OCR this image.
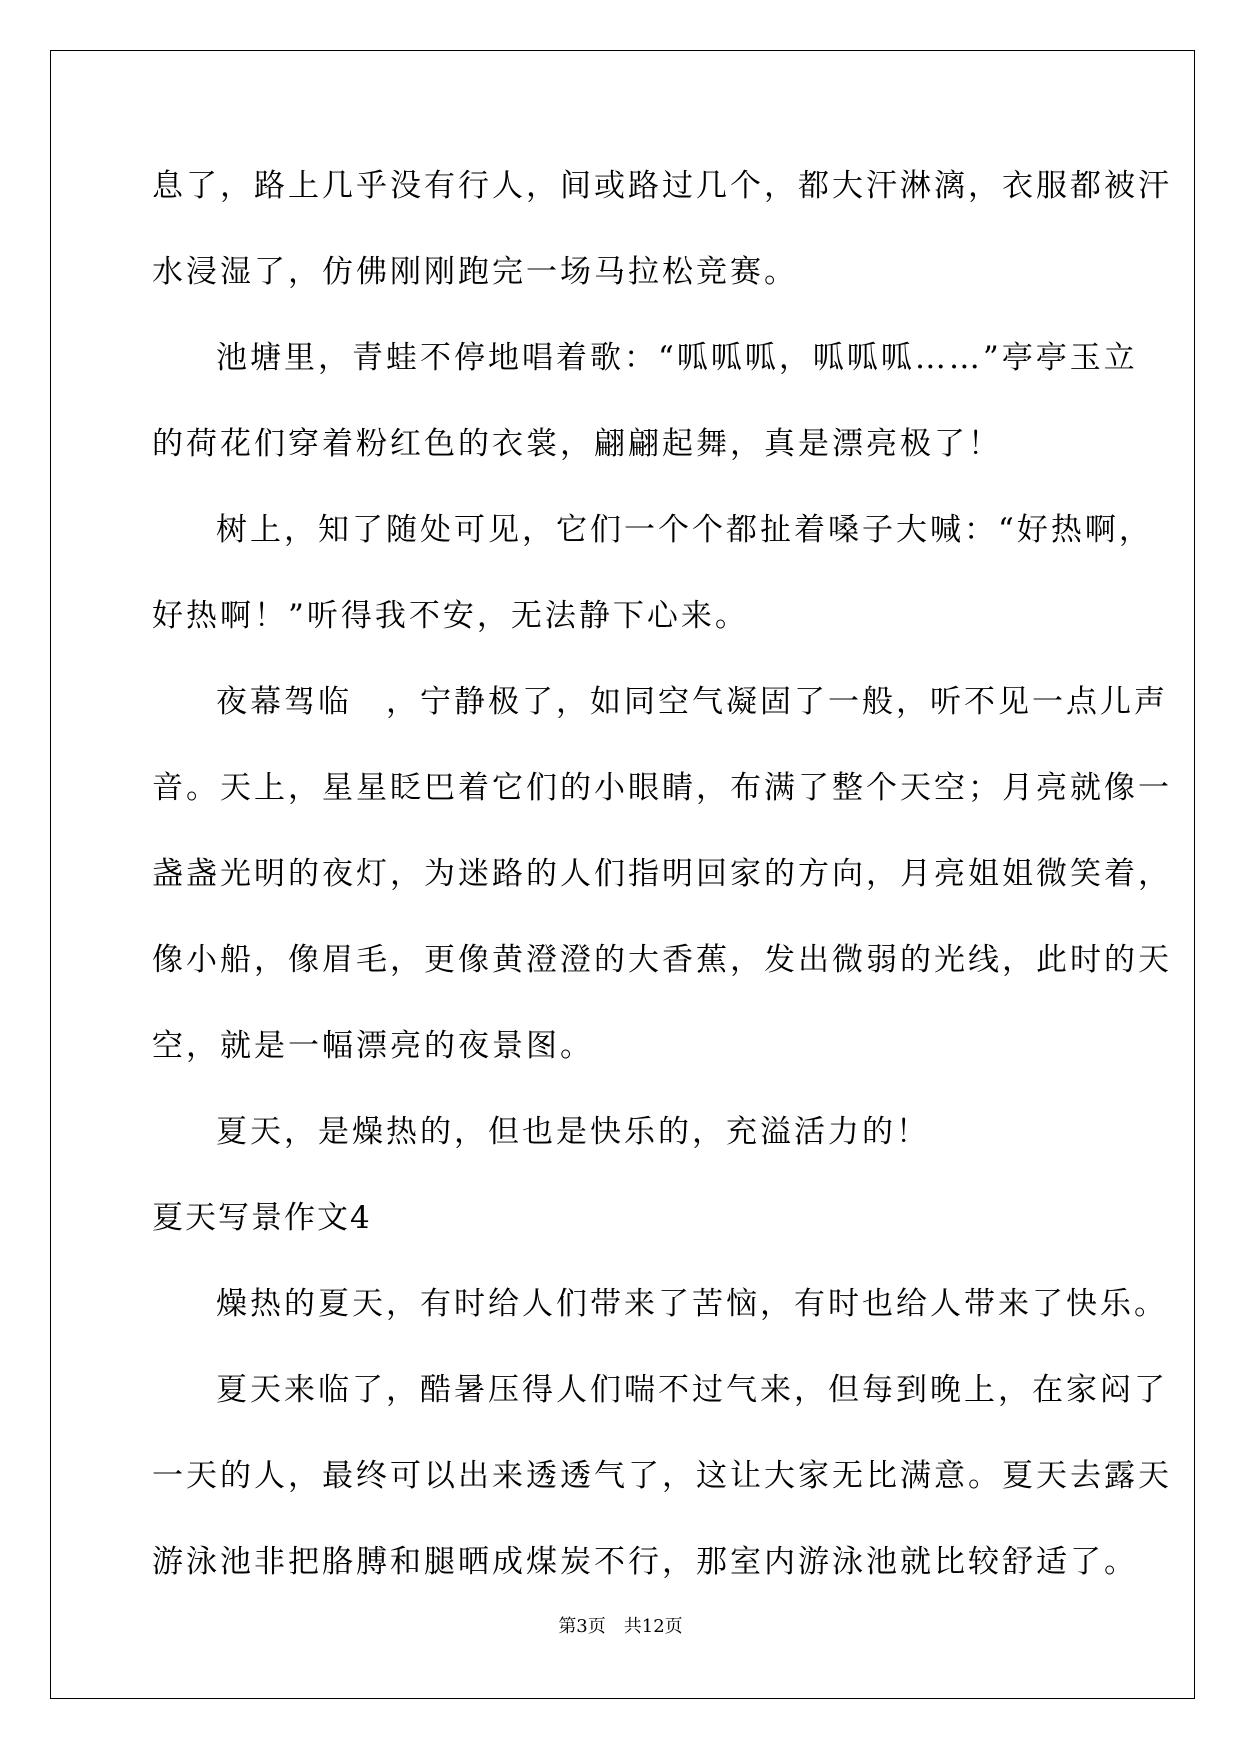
息了，路上几乎没有行人，间或路过几个，都大汗淋漓，衣服都被汗
水浸湿了，仿佛刚刚跑完一场马拉松竞赛。
池塘里，青蛙不停地唱着歌：“呱呱呱，呱呱呱……”亭亭玉立
的荷花们穿着粉红色的衣裳，翩翩起舞，真是漂亮极了！
树上，知了随处可见，它们一个个都扯着嗓子大喊：“好热啊，
好热啊！”听得我不安，无法静下心来。
夜幕驾临　，宁静极了，如同空气凝固了一般，听不见一点儿声
音。天上，星星眨巴着它们的小眼睛，布满了整个天空；月亮就像一
盏盏光明的夜灯，为迷路的人们指明回家的方向，月亮姐姐微笑着，
像小船，像眉毛，更像黄澄澄的大香蕉，发出微弱的光线，此时的天
空，就是一幅漂亮的夜景图。
夏天，是燥热的，但也是快乐的，充溢活力的！
夏天写景作文4
燥热的夏天，有时给人们带来了苦恼，有时也给人带来了快乐。
夏天来临了，酷暑压得人们喘不过气来，但每到晚上，在家闷了
一天的人，最终可以出来透透气了，这让大家无比满意。夏天去露天
游泳池非把胳膊和腿晒成煤炭不行，那室内游泳池就比较舒适了。
第3页 共12页
